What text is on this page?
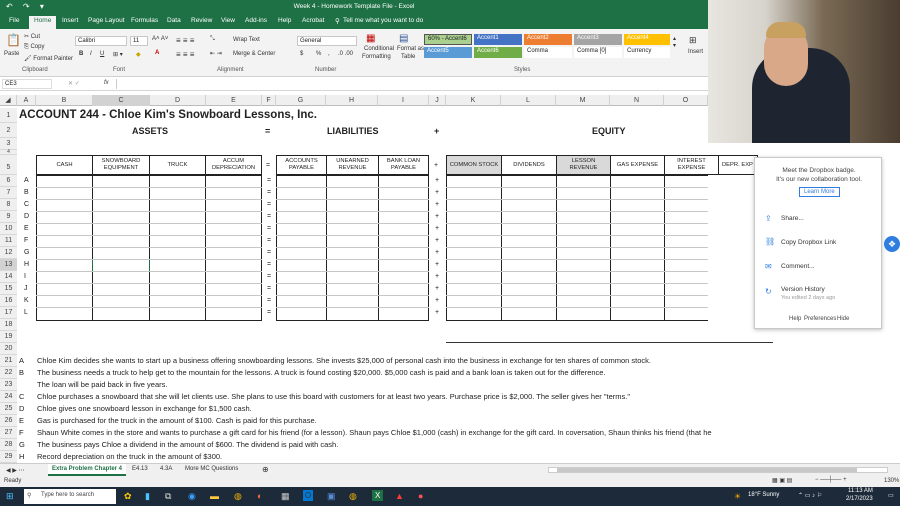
↶ ↷ ▾	Week 4 - Homework Template File - Excel
File	Home	Insert Page Layout Formulas Data Review View Add-ins Help Acrobat ⚲ Tell me what you want to do
📋
Paste
✂ Cut
⎘ Copy
🖌 Format Painter
Clipboard
Calibri	11	A˄ A˅
B I U ⊞ ▾ ◆ A
Font
≡ ≡ ≡
≡ ≡ ≡
⤡
⇤ ⇥
Wrap Text
Merge & Center
Alignment
General
$ % , .0 .00
Number
▦
Conditional
Formatting
▤
Format as
Table
60% - Accent6	Accent1	Accent2	Accent3	Accent4
Accent5	Accent6	Comma	Comma [0]	Currency
▴
▾
Styles
⊞
Insert
CE3	✕ ✓	fx
◢	A	B	C	D	E	F	G	H	I	J	K	L	M	N	O
1
2
3
4
5
6
7
8
9
10
11
12
13
14
15
16
17
18
19
20
21
22
23
24
25
26
27
28
29
ACCOUNT 244 - Chloe Kim's Snowboard Lessons, Inc.
ASSETS	=	LIABILITIES	+	EQUITY
CASH
SNOWBOARD EQUIPMENT
TRUCK
ACCUM DEPRECIATION	=
ACCOUNTS PAYABLE
UNEARNED REVENUE
BANK LOAN PAYABLE	+	COMMON STOCK	DIVIDENDS
LESSON REVENUE
GAS EXPENSE
INTEREST EXPENSE
DEPR. EXP
A	=	+
B	=	+
C	=	+
D	=	+
E	=	+
F	=	+
G	=	+
H	=	+
I	=	+
J	=	+
K	=	+
L	=	+
A Chloe Kim decides she wants to start up a business offering snowboarding lessons. She invests $25,000 of personal cash into the business in exchange for ten shares of common stock.
B The business needs a truck to help get to the mountain for the lessons. A truck is found costing $20,000. $5,000 cash is paid and a bank loan is taken out for the difference.
The loan will be paid back in five years.
C Chloe purchases a snowboard that she will let clients use. She plans to use this board with customers for at least two years. Purchase price is $2,000. The seller gives her "terms."
D Chloe gives one snowboard lesson in exchange for $1,500 cash.
E Gas is purchased for the truck in the amount of $100. Cash is paid for this purchase.
F Shaun White comes in the store and wants to purchase a gift card for his friend (for a lesson). Shaun pays Chloe $1,000 (cash) in exchange for the gift card. In coversation, Shaun thinks his friend (that he
G The business pays Chloe a dividend in the amount of $600. The dividend is paid with cash.
H Record depreciation on the truck in the amount of $300.
Meet the Dropbox badge.
It's our new collaboration tool.
Learn More
⇪ Share...
⛓ Copy Dropbox Link
✉ Comment...
↻ Version History
You edited 2 days ago
Help Preferences Hide
❖
◀ ▶ ⋯	Extra Problem Chapter 4	E4.13 4.3A More MC Questions	⊕
Ready	▦ ▣ ▤	− ──┼── +	130%
⊞ ⚲ Type here to search	✿ ▮ ⧉ ◉ ▬ ◍ ◐ ▦ O ▣ ◍	X	▲ ●	☀ 18°F Sunny	⌃ ▭ ♪ ⚐
11:13 AM
2/17/2023	▭
